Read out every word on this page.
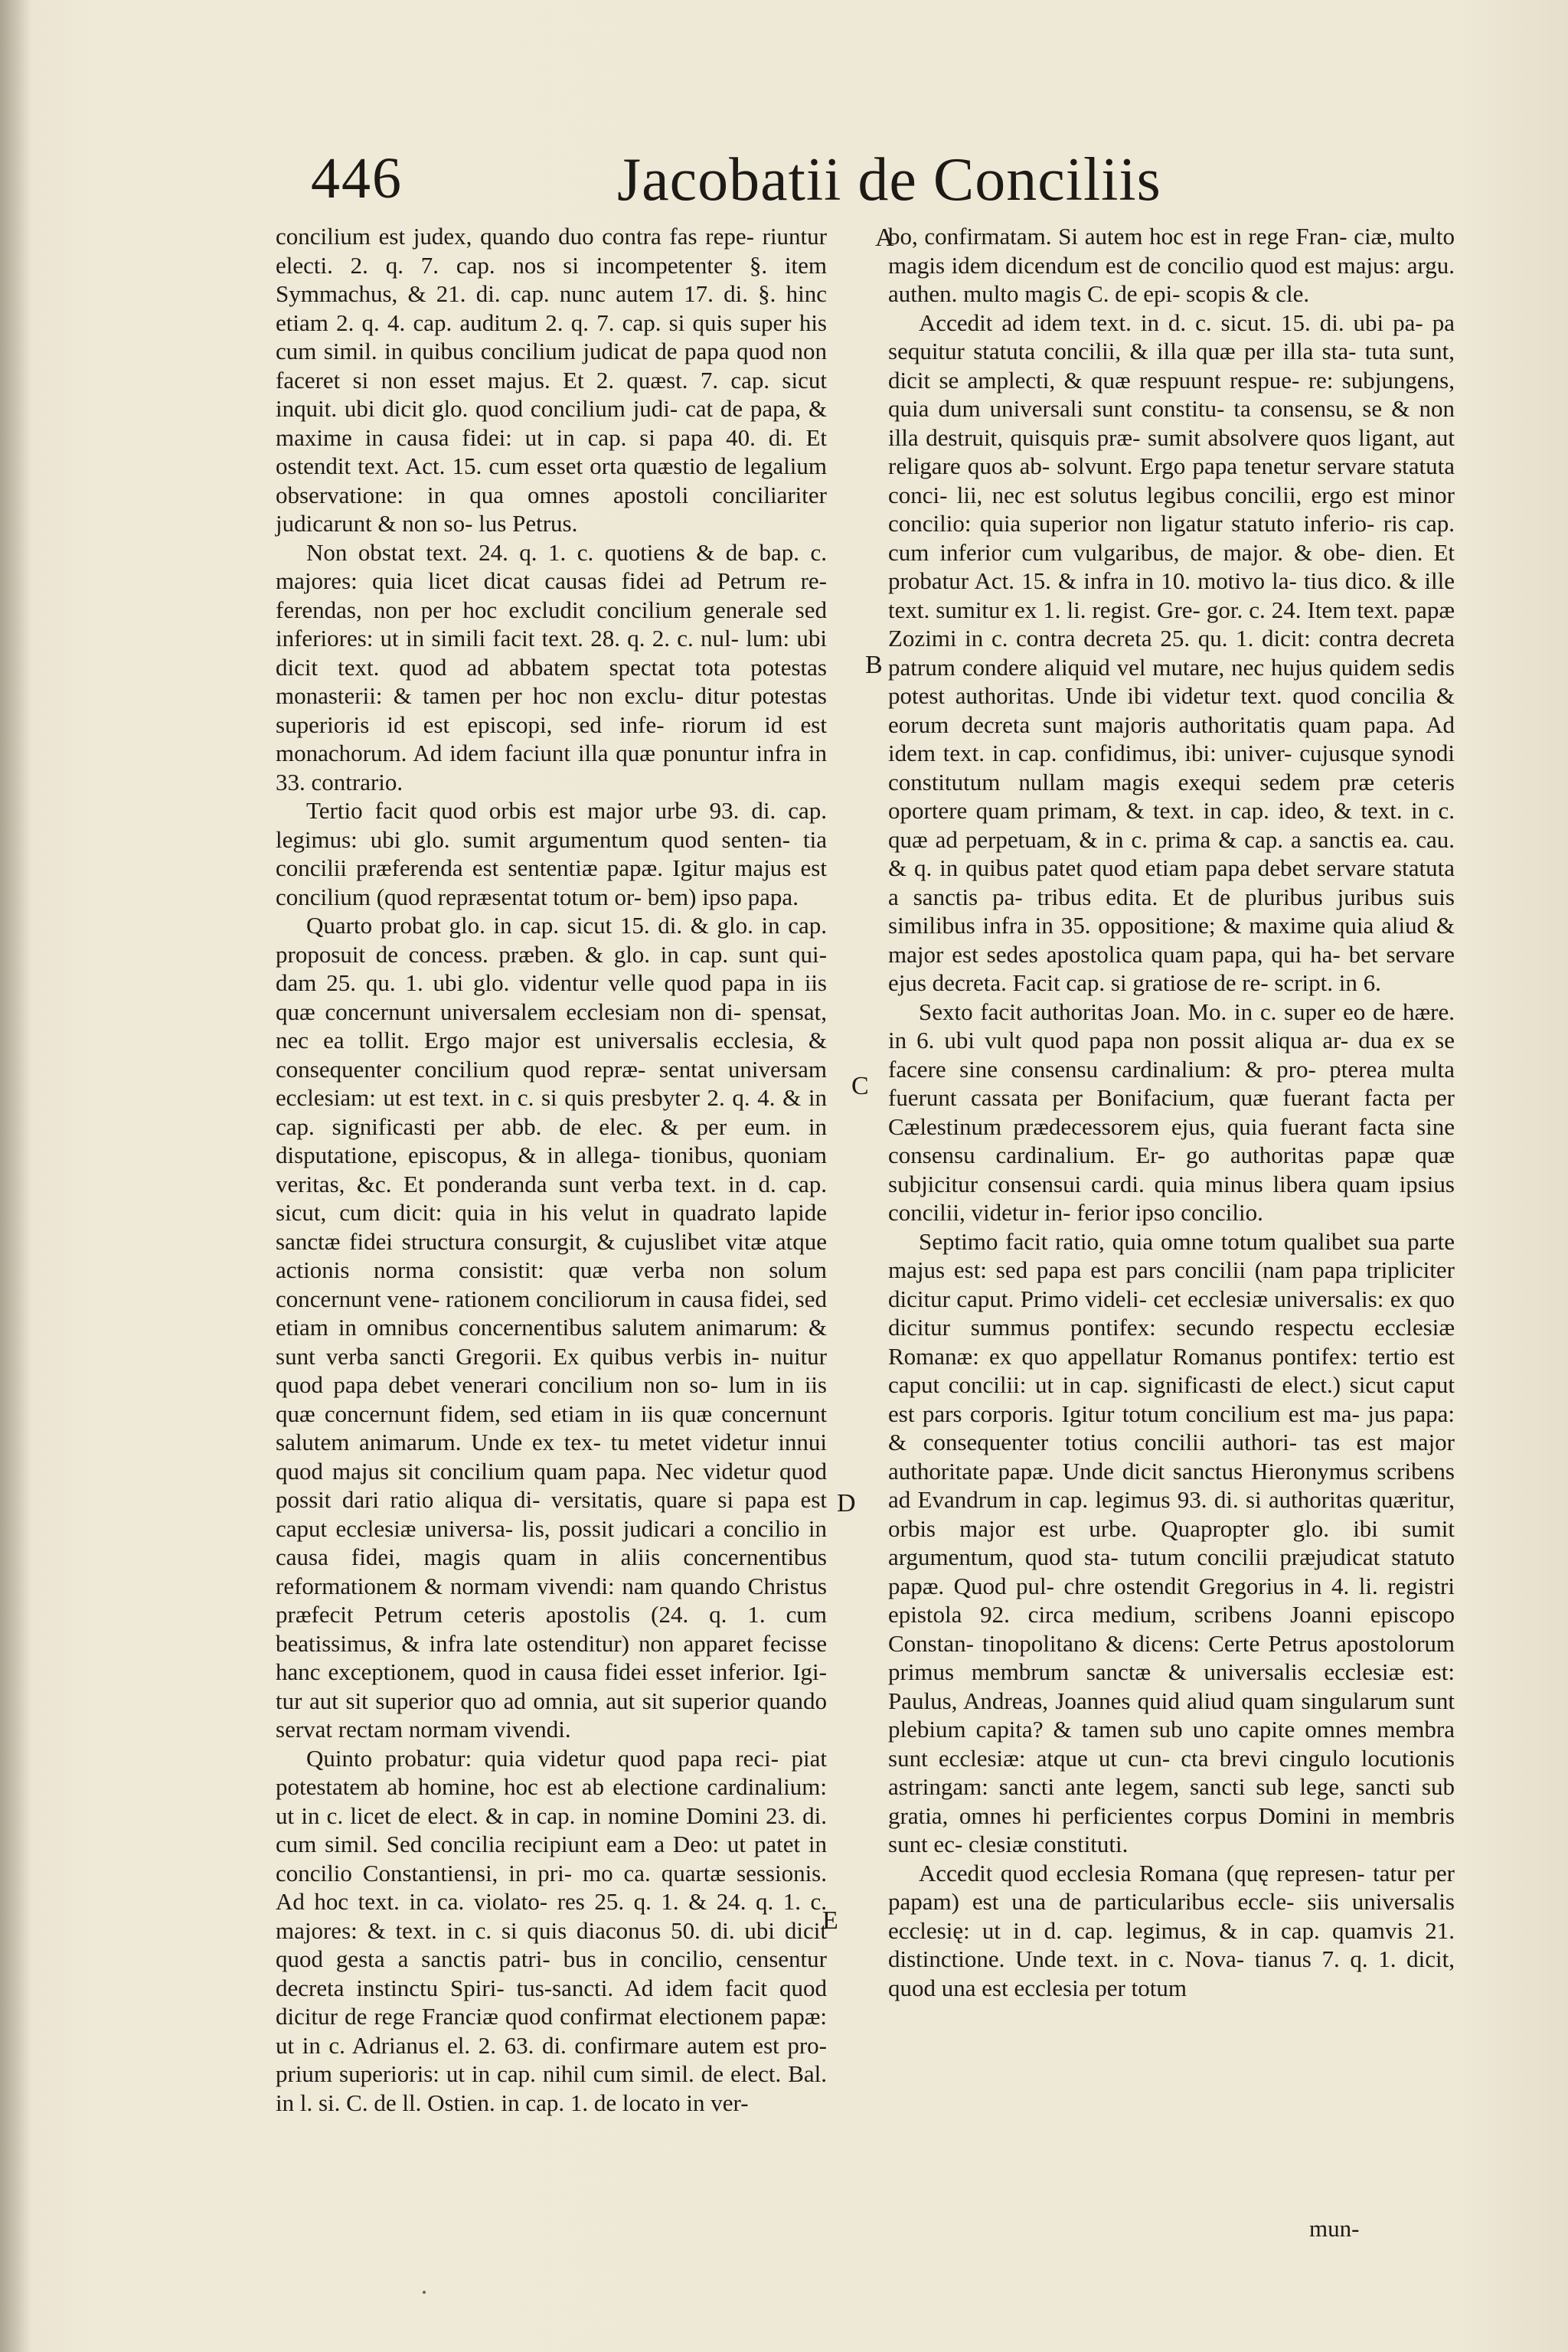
446	Jacobatii de Conciliis

concilium est judex, quando duo contra fas repe- riuntur electi. 2. q. 7. cap. nos si incompetenter §. item Symmachus, & 21. di. cap. nunc autem 17. di. §. hinc etiam 2. q. 4. cap. auditum 2. q. 7. cap. si quis super his cum simil. in quibus concilium judicat de papa quod non faceret si non esset majus. Et 2. quæst. 7. cap. sicut inquit. ubi dicit glo. quod concilium judi- cat de papa, & maxime in causa fidei: ut in cap. si papa 40. di. Et ostendit text. Act. 15. cum esset orta quæstio de legalium observatione: in qua omnes apostoli conciliariter judicarunt & non so- lus Petrus.

Non obstat text. 24. q. 1. c. quotiens & de bap. c. majores: quia licet dicat causas fidei ad Petrum re- ferendas, non per hoc excludit concilium generale sed inferiores: ut in simili facit text. 28. q. 2. c. nul- lum: ubi dicit text. quod ad abbatem spectat tota potestas monasterii: & tamen per hoc non exclu- ditur potestas superioris id est episcopi, sed infe- riorum id est monachorum. Ad idem faciunt illa quæ ponuntur infra in 33. contrario.

Tertio facit quod orbis est major urbe 93. di. cap. legimus: ubi glo. sumit argumentum quod senten- tia concilii præferenda est sententiæ papæ. Igitur majus est concilium (quod repræsentat totum or- bem) ipso papa.

Quarto probat glo. in cap. sicut 15. di. & glo. in cap. proposuit de concess. præben. & glo. in cap. sunt qui- dam 25. qu. 1. ubi glo. videntur velle quod papa in iis quæ concernunt universalem ecclesiam non di- spensat, nec ea tollit. Ergo major est universalis ecclesia, & consequenter concilium quod repræ- sentat universam ecclesiam: ut est text. in c. si quis presbyter 2. q. 4. & in cap. significasti per abb. de elec. & per eum. in disputatione, episcopus, & in allega- tionibus, quoniam veritas, &c. Et ponderanda sunt verba text. in d. cap. sicut, cum dicit: quia in his velut in quadrato lapide sanctæ fidei structura consurgit, & cujuslibet vitæ atque actionis norma consistit: quæ verba non solum concernunt vene- rationem conciliorum in causa fidei, sed etiam in omnibus concernentibus salutem animarum: & sunt verba sancti Gregorii. Ex quibus verbis in- nuitur quod papa debet venerari concilium non so- lum in iis quæ concernunt fidem, sed etiam in iis quæ concernunt salutem animarum. Unde ex tex- tu metet videtur innui quod majus sit concilium quam papa. Nec videtur quod possit dari ratio aliqua di- versitatis, quare si papa est caput ecclesiæ universa- lis, possit judicari a concilio in causa fidei, magis quam in aliis concernentibus reformationem & normam vivendi: nam quando Christus præfecit Petrum ceteris apostolis (24. q. 1. cum beatissimus, & infra late ostenditur) non apparet fecisse hanc exceptionem, quod in causa fidei esset inferior. Igi- tur aut sit superior quo ad omnia, aut sit superior quando servat rectam normam vivendi.

Quinto probatur: quia videtur quod papa reci- piat potestatem ab homine, hoc est ab electione cardinalium: ut in c. licet de elect. & in cap. in nomine Domini 23. di. cum simil. Sed concilia recipiunt eam a Deo: ut patet in concilio Constantiensi, in pri- mo ca. quartæ sessionis. Ad hoc text. in ca. violato- res 25. q. 1. & 24. q. 1. c. majores: & text. in c. si quis diaconus 50. di. ubi dicit quod gesta a sanctis patri- bus in concilio, censentur decreta instinctu Spiri- tus-sancti. Ad idem facit quod dicitur de rege Franciæ quod confirmat electionem papæ: ut in c. Adrianus el. 2. 63. di. confirmare autem est pro- prium superioris: ut in cap. nihil cum simil. de elect. Bal. in l. si. C. de ll. Ostien. in cap. 1. de locato in ver-

A
B
C
D
E

bo, confirmatam. Si autem hoc est in rege Fran- ciæ, multo magis idem dicendum est de concilio quod est majus: argu. authen. multo magis C. de epi- scopis & cle.

Accedit ad idem text. in d. c. sicut. 15. di. ubi pa- pa sequitur statuta concilii, & illa quæ per illa sta- tuta sunt, dicit se amplecti, & quæ respuunt respue- re: subjungens, quia dum universali sunt constitu- ta consensu, se & non illa destruit, quisquis præ- sumit absolvere quos ligant, aut religare quos ab- solvunt. Ergo papa tenetur servare statuta conci- lii, nec est solutus legibus concilii, ergo est minor concilio: quia superior non ligatur statuto inferio- ris cap. cum inferior cum vulgaribus, de major. & obe- dien. Et probatur Act. 15. & infra in 10. motivo la- tius dico. & ille text. sumitur ex 1. li. regist. Gre- gor. c. 24. Item text. papæ Zozimi in c. contra decreta 25. qu. 1. dicit: contra decreta patrum condere aliquid vel mutare, nec hujus quidem sedis potest authoritas. Unde ibi videtur text. quod concilia & eorum decreta sunt majoris authoritatis quam papa. Ad idem text. in cap. confidimus, ibi: univer- cujusque synodi constitutum nullam magis exequi sedem præ ceteris oportere quam primam, & text. in cap. ideo, & text. in c. quæ ad perpetuam, & in c. prima & cap. a sanctis ea. cau. & q. in quibus patet quod etiam papa debet servare statuta a sanctis pa- tribus edita. Et de pluribus juribus suis similibus infra in 35. oppositione; & maxime quia aliud & major est sedes apostolica quam papa, qui ha- bet servare ejus decreta. Facit cap. si gratiose de re- script. in 6.

Sexto facit authoritas Joan. Mo. in c. super eo de hære. in 6. ubi vult quod papa non possit aliqua ar- dua ex se facere sine consensu cardinalium: & pro- pterea multa fuerunt cassata per Bonifacium, quæ fuerant facta per Cælestinum prædecessorem ejus, quia fuerant facta sine consensu cardinalium. Er- go authoritas papæ quæ subjicitur consensui cardi. quia minus libera quam ipsius concilii, videtur in- ferior ipso concilio.

Septimo facit ratio, quia omne totum qualibet sua parte majus est: sed papa est pars concilii (nam papa tripliciter dicitur caput. Primo videli- cet ecclesiæ universalis: ex quo dicitur summus pontifex: secundo respectu ecclesiæ Romanæ: ex quo appellatur Romanus pontifex: tertio est caput concilii: ut in cap. significasti de elect.) sicut caput est pars corporis. Igitur totum concilium est ma- jus papa: & consequenter totius concilii authori- tas est major authoritate papæ. Unde dicit sanctus Hieronymus scribens ad Evandrum in cap. legimus 93. di. si authoritas quæritur, orbis major est urbe. Quapropter glo. ibi sumit argumentum, quod sta- tutum concilii præjudicat statuto papæ. Quod pul- chre ostendit Gregorius in 4. li. registri epistola 92. circa medium, scribens Joanni episcopo Constan- tinopolitano & dicens: Certe Petrus apostolorum primus membrum sanctæ & universalis ecclesiæ est: Paulus, Andreas, Joannes quid aliud quam singularum sunt plebium capita? & tamen sub uno capite omnes membra sunt ecclesiæ: atque ut cun- cta brevi cingulo locutionis astringam: sancti ante legem, sancti sub lege, sancti sub gratia, omnes hi perficientes corpus Domini in membris sunt ec- clesiæ constituti.

Accedit quod ecclesia Romana (quę represen- tatur per papam) est una de particularibus eccle- siis universalis ecclesię: ut in d. cap. legimus, & in cap. quamvis 21. distinctione. Unde text. in c. Nova- tianus 7. q. 1. dicit, quod una est ecclesia per totum

mun-
